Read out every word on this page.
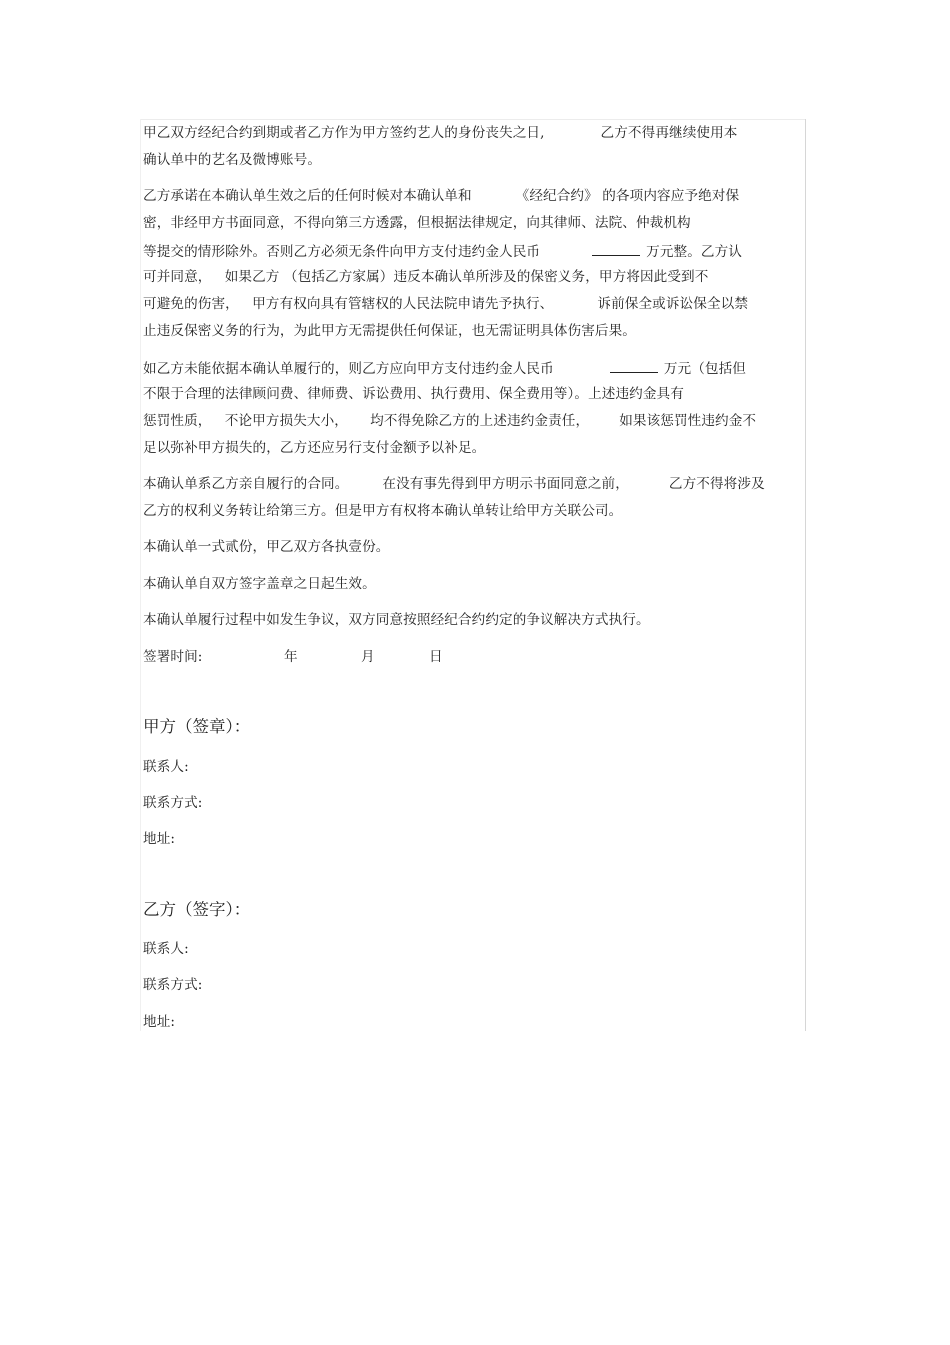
甲乙双方经纪合约到期或者乙方作为甲方签约艺人的身份丧失之日,	乙方不得再继续使用本
确认单中的艺名及微博账号。
乙方承诺在本确认单生效之后的任何时候对本确认单和	《经纪合约》 的各项内容应予绝对保
密，非经甲方书面同意，不得向第三方透露，但根据法律规定，向其律师、法院、仲裁机构
等提交的情形除外。否则乙方必须无条件向甲方支付违约金人民币	万元整。乙方认
可并同意，   如果乙方 （包括乙方家属）违反本确认单所涉及的保密义务，甲方将因此受到不
可避免的伤害，   甲方有权向具有管辖权的人民法院申请先予执行、	诉前保全或诉讼保全以禁
止违反保密义务的行为，为此甲方无需提供任何保证，也无需证明具体伤害后果。
如乙方未能依据本确认单履行的，则乙方应向甲方支付违约金人民币	万元（包括但
不限于合理的法律顾问费、律师费、诉讼费用、执行费用、保全费用等）。上述违约金具有
惩罚性质，   不论甲方损失大小，     均不得免除乙方的上述违约金责任， 如果该惩罚性违约金不
足以弥补甲方损失的，乙方还应另行支付金额予以补足。
本确认单系乙方亲自履行的合同。	在没有事先得到甲方明示书面同意之前，	乙方不得将涉及
乙方的权利义务转让给第三方。但是甲方有权将本确认单转让给甲方关联公司。
本确认单一式贰份，甲乙双方各执壹份。
本确认单自双方签字盖章之日起生效。
本确认单履行过程中如发生争议，双方同意按照经纪合约约定的争议解决方式执行。
签署时间:	年	月	日
甲方（签章）：
联系人:
联系方式:
地址:
乙方（签字）：
联系人:
联系方式:
地址:
